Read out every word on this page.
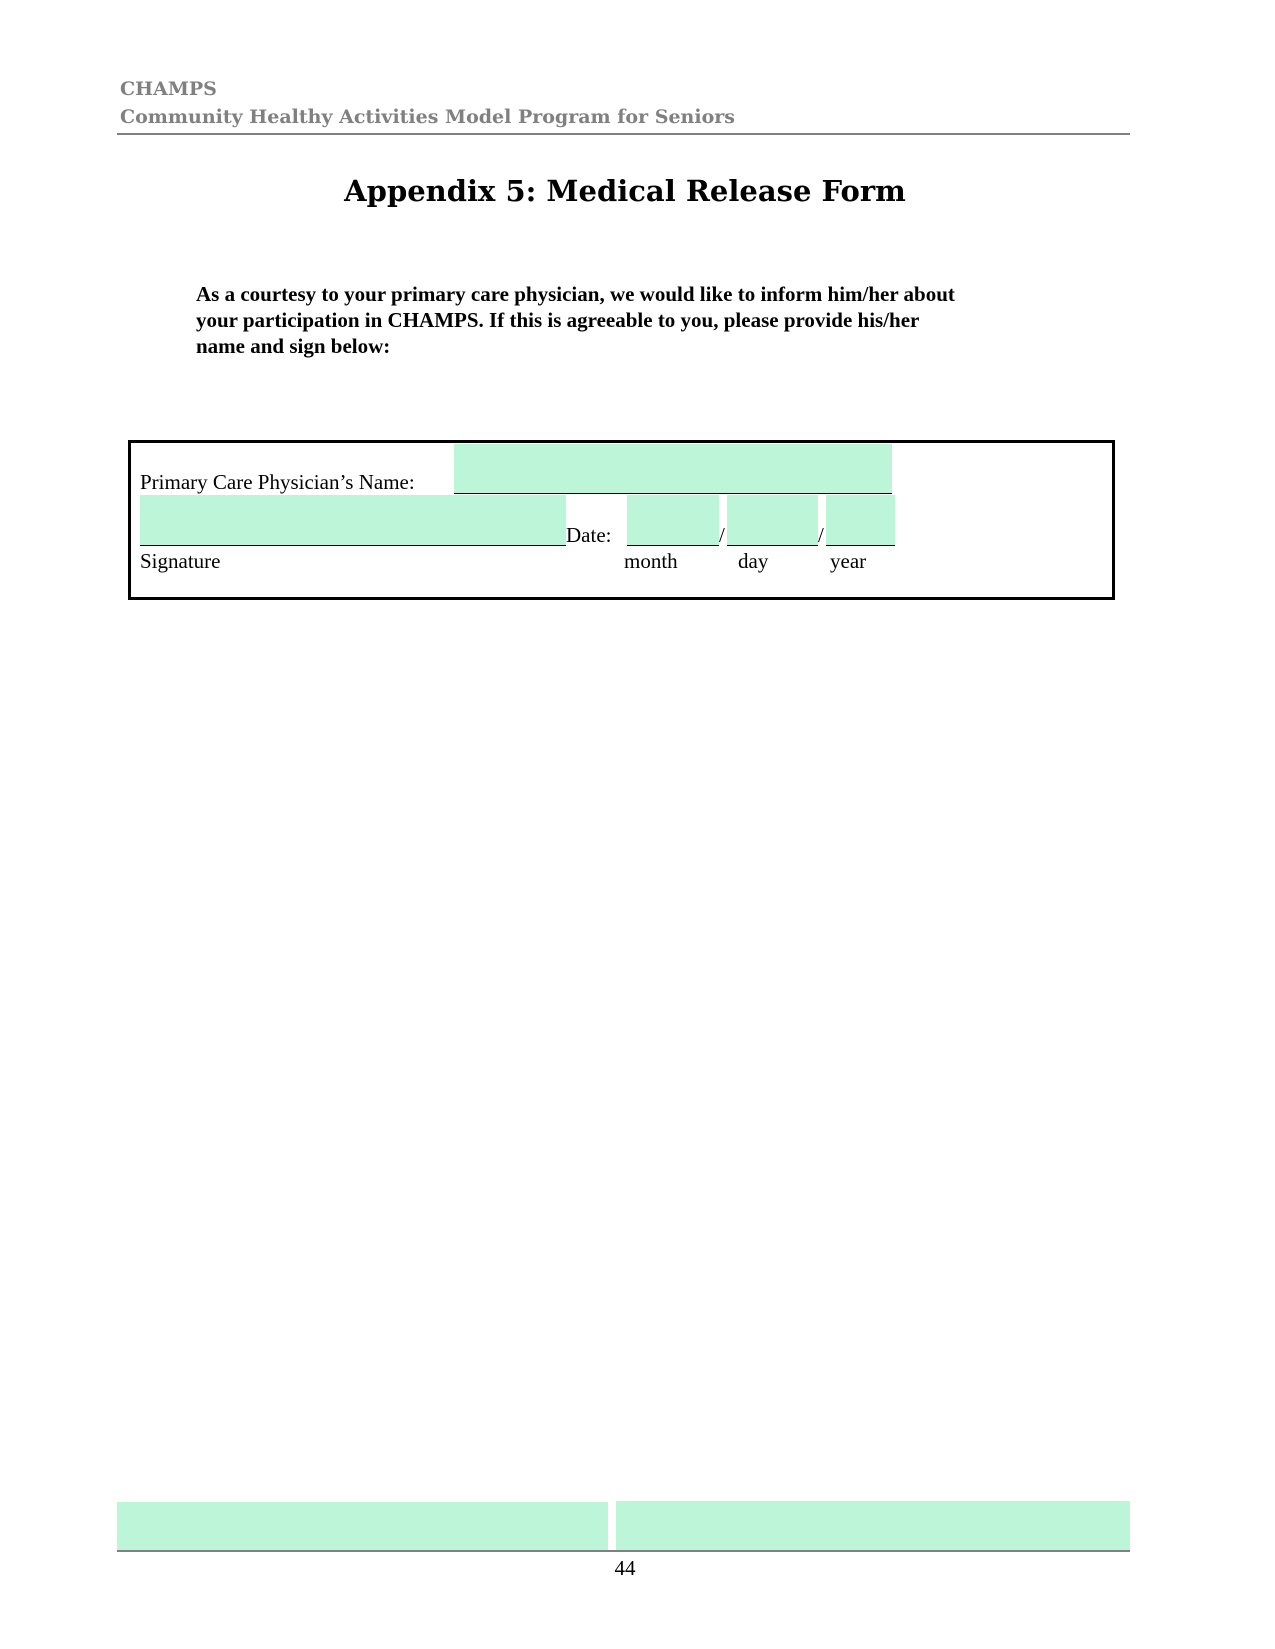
CHAMPS
Community Healthy Activities Model Program for Seniors
Appendix 5: Medical Release Form
As a courtesy to your primary care physician, we would like to inform him/her about
your participation in CHAMPS. If this is agreeable to you, please provide his/her
name and sign below:
Primary Care Physician’s Name:
Date:	/	/
Signature	month	day	year
44
